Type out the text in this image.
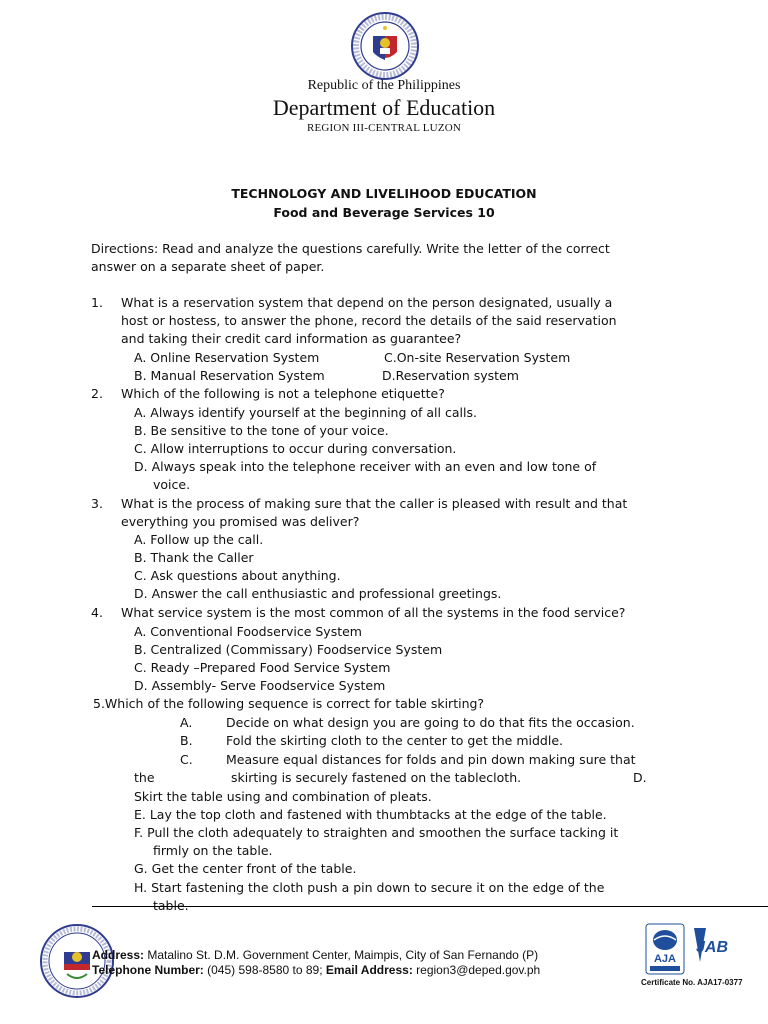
Republic of the Philippines
Department of Education
REGION III-CENTRAL LUZON
TECHNOLOGY AND LIVELIHOOD EDUCATION
Food and Beverage Services 10
Directions: Read and analyze the questions carefully. Write the letter of the correct
answer on a separate sheet of paper.
1. What is a reservation system that depend on the person designated, usually a
host or hostess, to answer the phone, record the details of the said reservation
and taking their credit card information as guarantee?
A. Online Reservation System	C.On-site Reservation System
B. Manual Reservation System	D.Reservation system
2. Which of the following is not a telephone etiquette?
A. Always identify yourself at the beginning of all calls.
B. Be sensitive to the tone of your voice.
C. Allow interruptions to occur during conversation.
D. Always speak into the telephone receiver with an even and low tone of
voice.
3. What is the process of making sure that the caller is pleased with result and that
everything you promised was deliver?
A. Follow up the call.
B. Thank the Caller
C. Ask questions about anything.
D. Answer the call enthusiastic and professional greetings.
4. What service system is the most common of all the systems in the food service?
A. Conventional Foodservice System
B. Centralized (Commissary) Foodservice System
C. Ready –Prepared Food Service System
D. Assembly- Serve Foodservice System
5.Which of the following sequence is correct for table skirting?
A.	Decide on what design you are going to do that fits the occasion.
B.	Fold the skirting cloth to the center to get the middle.
C.	Measure equal distances for folds and pin down making sure that
the	skirting is securely fastened on the tablecloth.	D.
Skirt the table using and combination of pleats.
E. Lay the top cloth and fastened with thumbtacks at the edge of the table.
F. Pull the cloth adequately to straighten and smoothen the surface tacking it
firmly on the table.
G. Get the center front of the table.
H. Start fastening the cloth push a pin down to secure it on the edge of the
table.
Address: Matalino St. D.M. Government Center, Maimpis, City of San Fernando (P)
Telephone Number: (045) 598-8580 to 89; Email Address: region3@deped.gov.ph
AJA
JAB
Certificate No. AJA17-0377
